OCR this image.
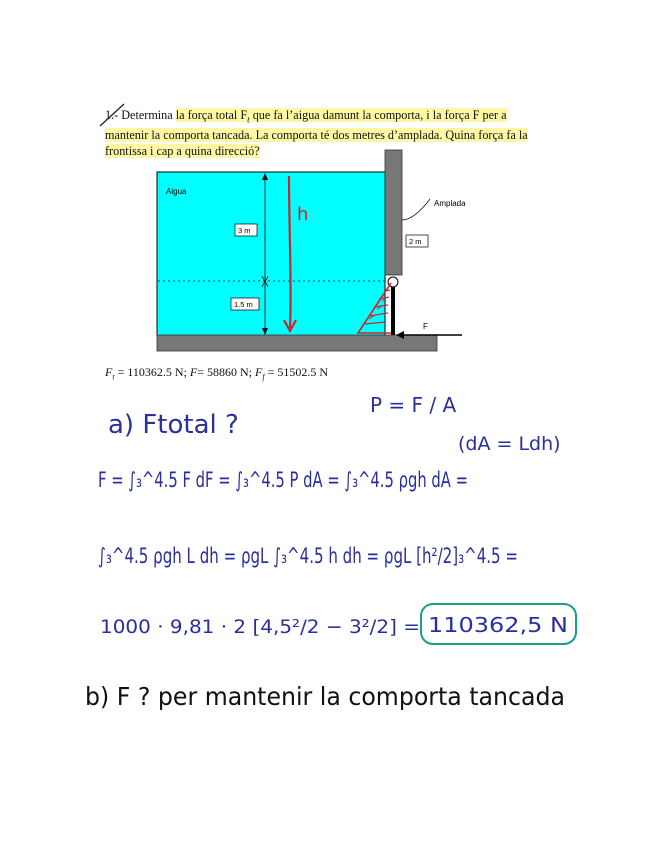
1.- Determina la força total $F_t$ que fa l’aigua damunt la comporta, i la força F per a
mantenir la comporta tancada. La comporta té dos metres d’amplada. Quina força fa la
frontissa i cap a quina direcció?
Aigua
3 m
1.5 m
2 m
Amplada
F
h
$F_t = 110362.5$ N; F= 58860 N; $F_f = 51502.5$ N
a) Ftotal ?
P = F / A
(dA = Ldh)
F = ∫₃^4.5 F dF = ∫₃^4.5 P dA = ∫₃^4.5 ρgh dA =
∫₃^4.5 ρgh L dh = ρgL ∫₃^4.5 h dh = ρgL [h²/2]₃^4.5 =
1000 · 9,81 · 2 [4,5²/2 − 3²/2] = 110362,5 N
b) F ? per mantenir la comporta tancada
